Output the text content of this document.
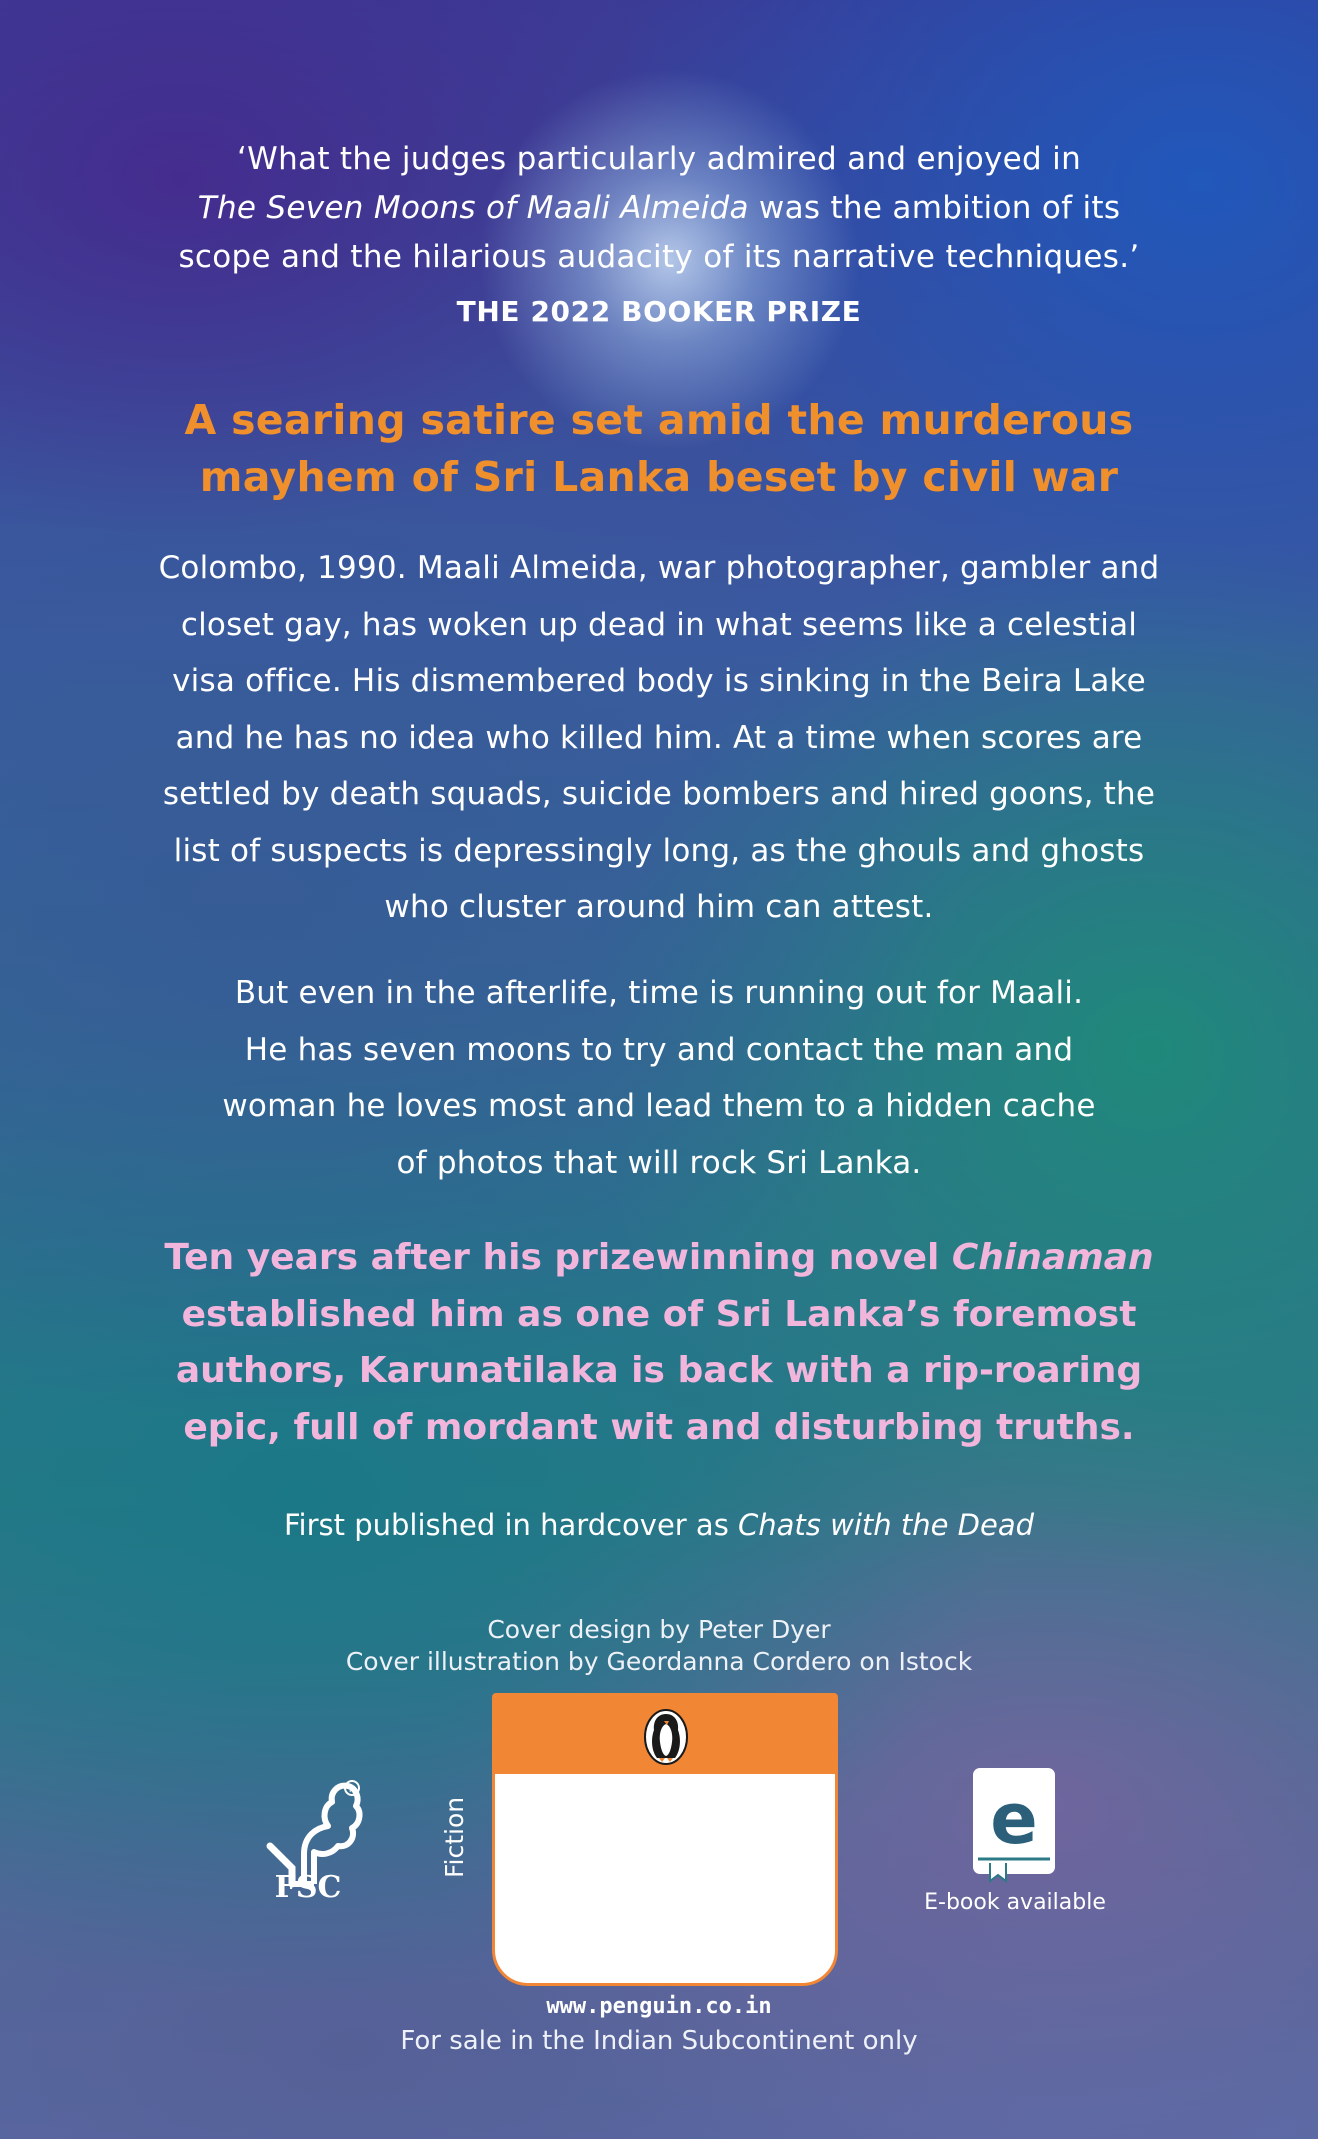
‘What the judges particularly admired and enjoyed in
The Seven Moons of Maali Almeida was the ambition of its
scope and the hilarious audacity of its narrative techniques.’
THE 2022 BOOKER PRIZE
A searing satire set amid the murderous
mayhem of Sri Lanka beset by civil war
Colombo, 1990. Maali Almeida, war photographer, gambler and
closet gay, has woken up dead in what seems like a celestial
visa office. His dismembered body is sinking in the Beira Lake
and he has no idea who killed him. At a time when scores are
settled by death squads, suicide bombers and hired goons, the
list of suspects is depressingly long, as the ghouls and ghosts
who cluster around him can attest.
But even in the afterlife, time is running out for Maali.
He has seven moons to try and contact the man and
woman he loves most and lead them to a hidden cache
of photos that will rock Sri Lanka.
Ten years after his prizewinning novel Chinaman
established him as one of Sri Lanka’s foremost
authors, Karunatilaka is back with a rip-roaring
epic, full of mordant wit and disturbing truths.
First published in hardcover as Chats with the Dead
Cover design by Peter Dyer
Cover illustration by Geordanna Cordero on Istock
R
FSC
Fiction	e
E-book available
www.penguin.co.in
For sale in the Indian Subcontinent only
